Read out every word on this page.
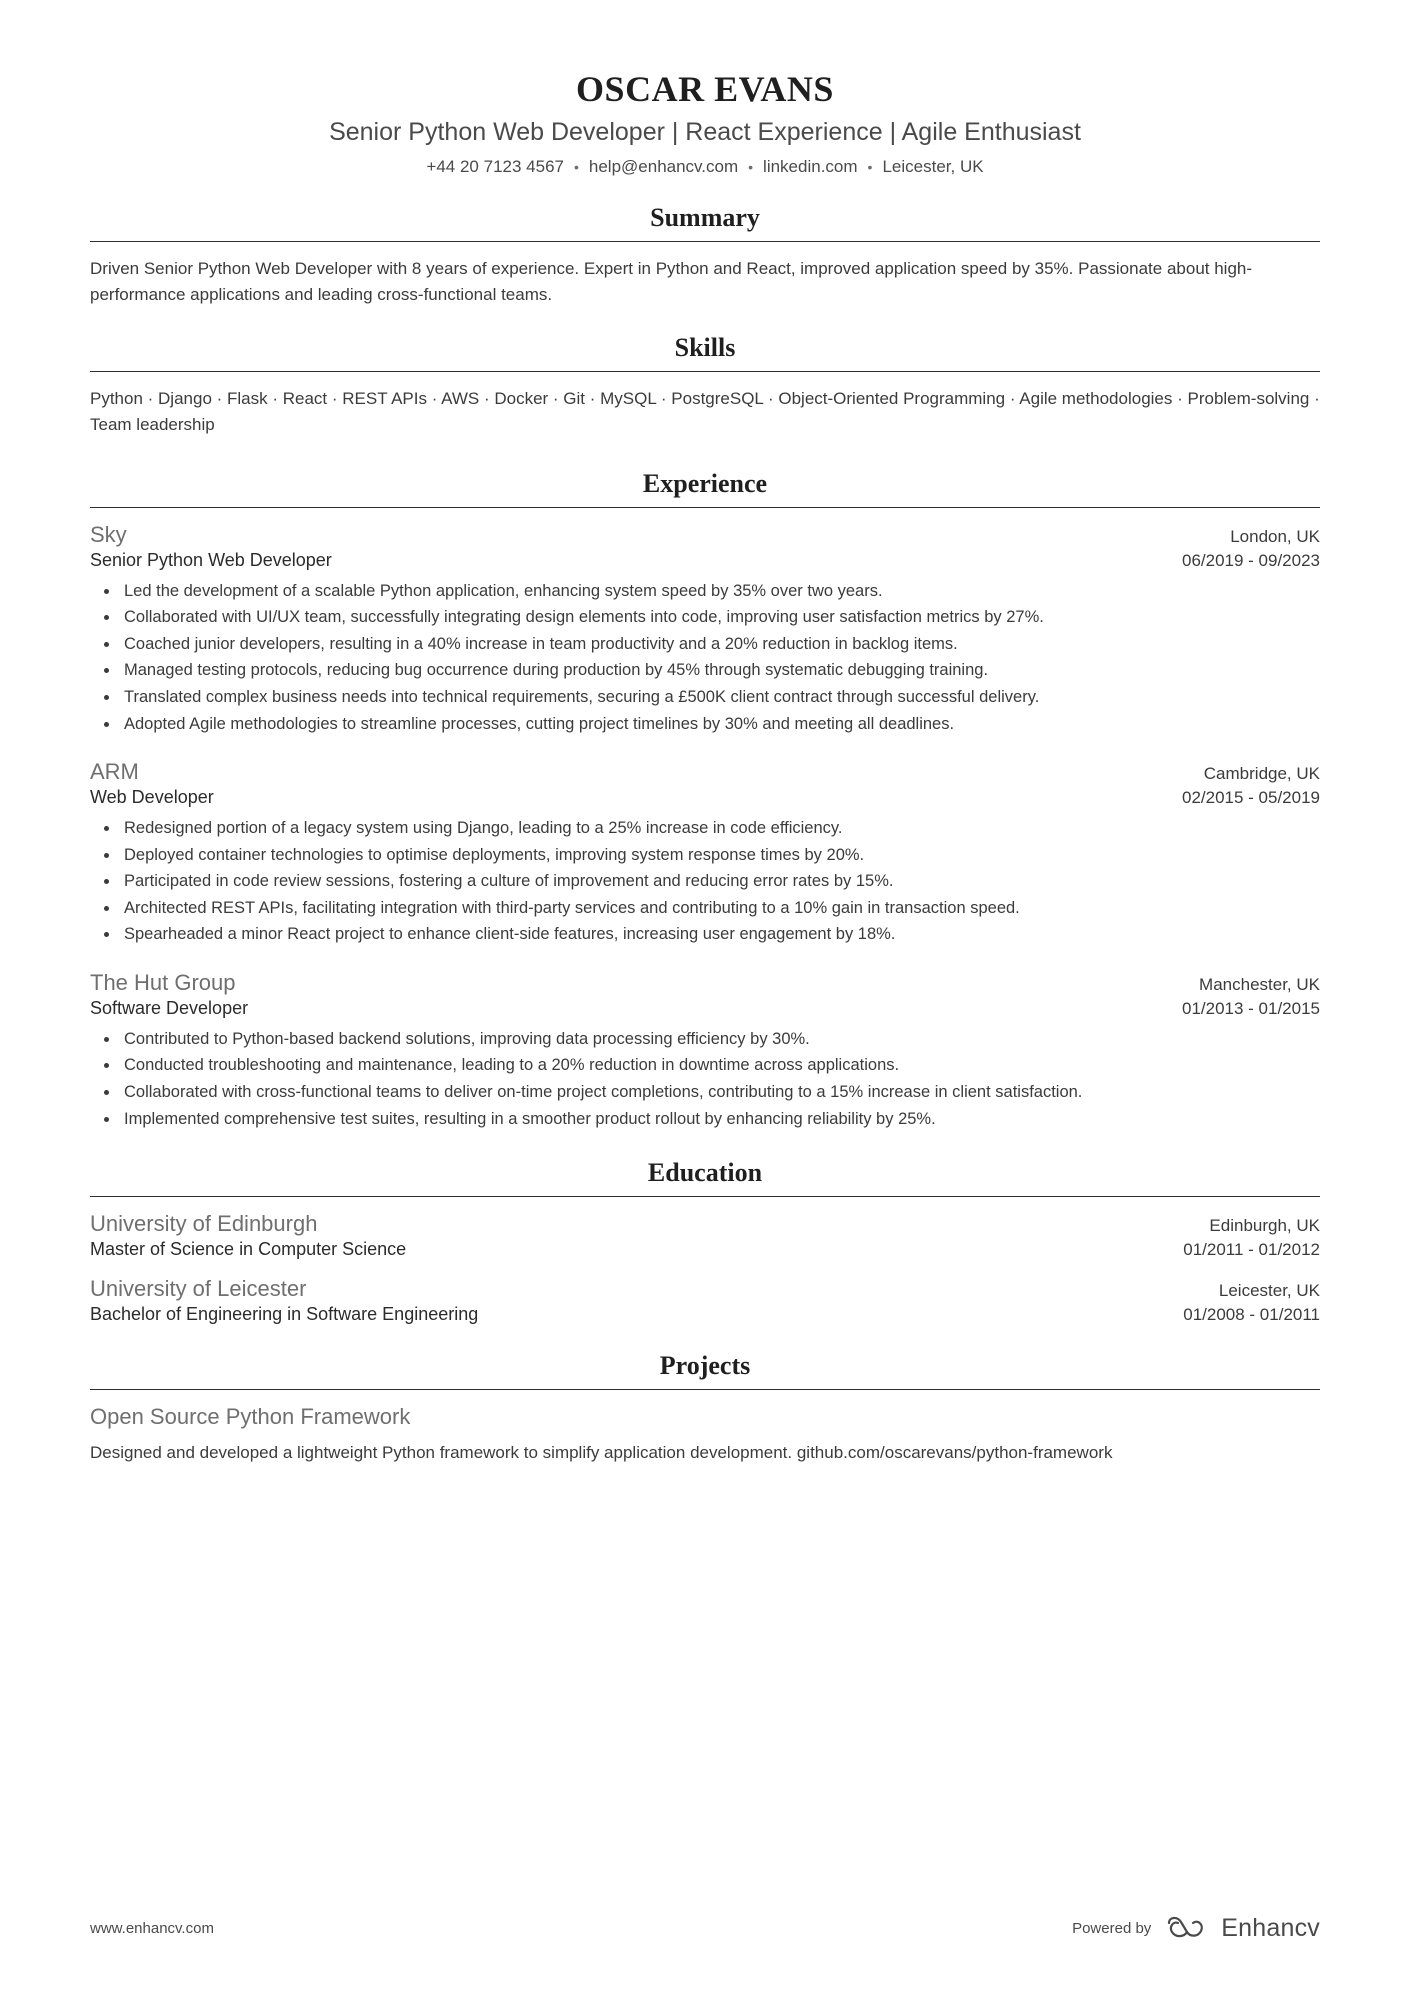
OSCAR EVANS
Senior Python Web Developer | React Experience | Agile Enthusiast
+44 20 7123 4567 • help@enhancv.com • linkedin.com • Leicester, UK
Summary

Driven Senior Python Web Developer with 8 years of experience. Expert in Python and React, improved application speed by 35%. Passionate about high-performance applications and leading cross-functional teams.

Skills
Python · Django · Flask · React · REST APIs · AWS · Docker · Git · MySQL · PostgreSQL · Object-Oriented Programming · Agile methodologies · Problem-solving · Team leadership
Experience
Sky	London, UK
Senior Python Web Developer	06/2019 - 09/2023
• Led the development of a scalable Python application, enhancing system speed by 35% over two years.
• Collaborated with UI/UX team, successfully integrating design elements into code, improving user satisfaction metrics by 27%.
• Coached junior developers, resulting in a 40% increase in team productivity and a 20% reduction in backlog items.
• Managed testing protocols, reducing bug occurrence during production by 45% through systematic debugging training.
• Translated complex business needs into technical requirements, securing a £500K client contract through successful delivery.
• Adopted Agile methodologies to streamline processes, cutting project timelines by 30% and meeting all deadlines.
ARM	Cambridge, UK
Web Developer	02/2015 - 05/2019
• Redesigned portion of a legacy system using Django, leading to a 25% increase in code efficiency.
• Deployed container technologies to optimise deployments, improving system response times by 20%.
• Participated in code review sessions, fostering a culture of improvement and reducing error rates by 15%.
• Architected REST APIs, facilitating integration with third-party services and contributing to a 10% gain in transaction speed.
• Spearheaded a minor React project to enhance client-side features, increasing user engagement by 18%.
The Hut Group	Manchester, UK
Software Developer	01/2013 - 01/2015
• Contributed to Python-based backend solutions, improving data processing efficiency by 30%.
• Conducted troubleshooting and maintenance, leading to a 20% reduction in downtime across applications.
• Collaborated with cross-functional teams to deliver on-time project completions, contributing to a 15% increase in client satisfaction.
• Implemented comprehensive test suites, resulting in a smoother product rollout by enhancing reliability by 25%.
Education
University of Edinburgh	Edinburgh, UK
Master of Science in Computer Science	01/2011 - 01/2012
University of Leicester	Leicester, UK
Bachelor of Engineering in Software Engineering	01/2008 - 01/2011
Projects
Open Source Python Framework
Designed and developed a lightweight Python framework to simplify application development. github.com/oscarevans/python-framework
www.enhancv.com	Powered by	Enhancv
